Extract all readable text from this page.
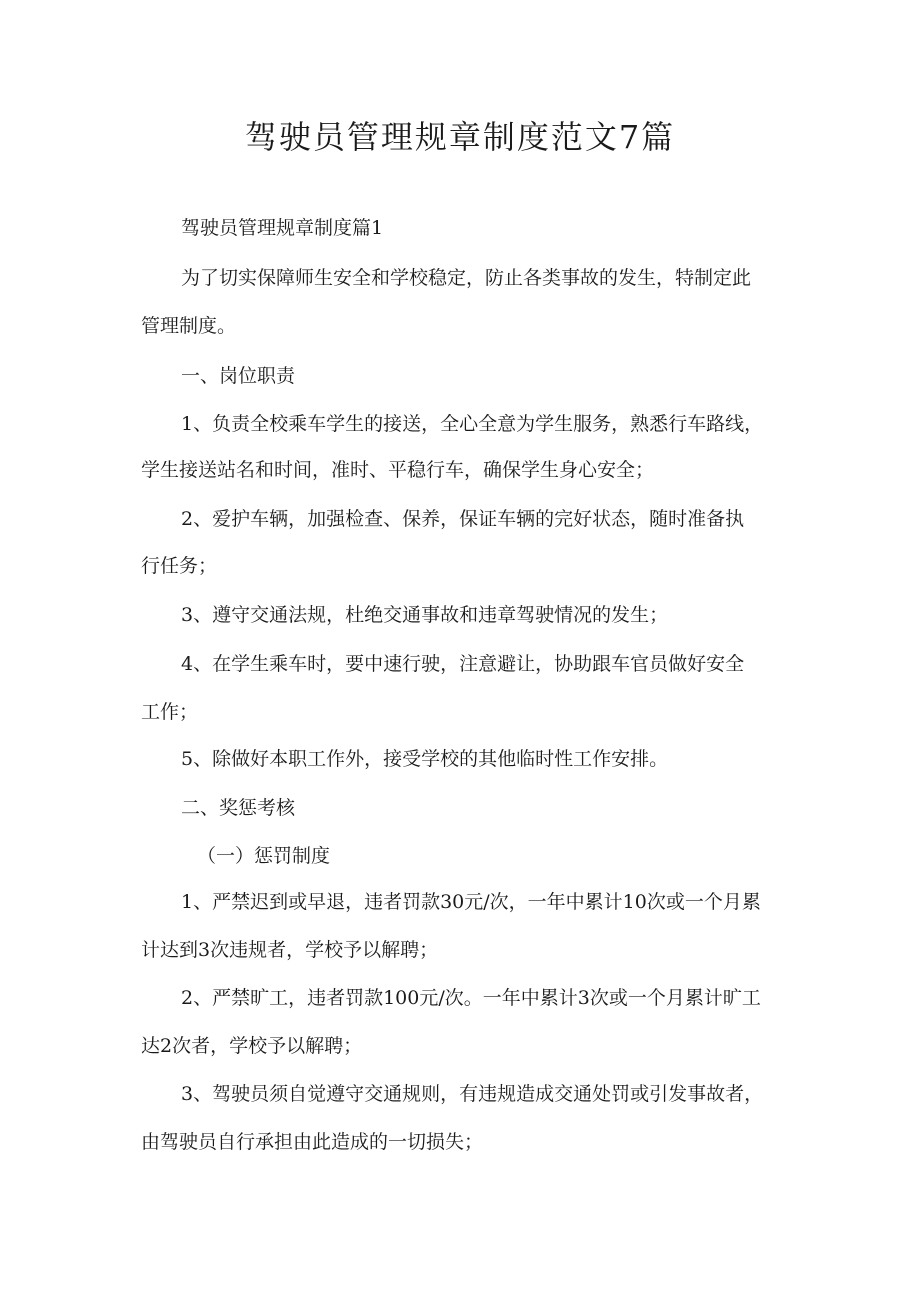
驾驶员管理规章制度范文7篇

驾驶员管理规章制度篇1

为了切实保障师生安全和学校稳定，防止各类事故的发生，特制定此

管理制度。

一、岗位职责

1、负责全校乘车学生的接送，全心全意为学生服务，熟悉行车路线，

学生接送站名和时间，准时、平稳行车，确保学生身心安全；

2、爱护车辆，加强检查、保养，保证车辆的完好状态，随时准备执

行任务；

3、遵守交通法规，杜绝交通事故和违章驾驶情况的发生；

4、在学生乘车时，要中速行驶，注意避让，协助跟车官员做好安全

工作；

5、除做好本职工作外，接受学校的其他临时性工作安排。

二、奖惩考核

（一）惩罚制度

1、严禁迟到或早退，违者罚款30元/次，一年中累计10次或一个月累

计达到3次违规者，学校予以解聘；

2、严禁旷工，违者罚款100元/次。一年中累计3次或一个月累计旷工

达2次者，学校予以解聘；

3、驾驶员须自觉遵守交通规则，有违规造成交通处罚或引发事故者，

由驾驶员自行承担由此造成的一切损失；
